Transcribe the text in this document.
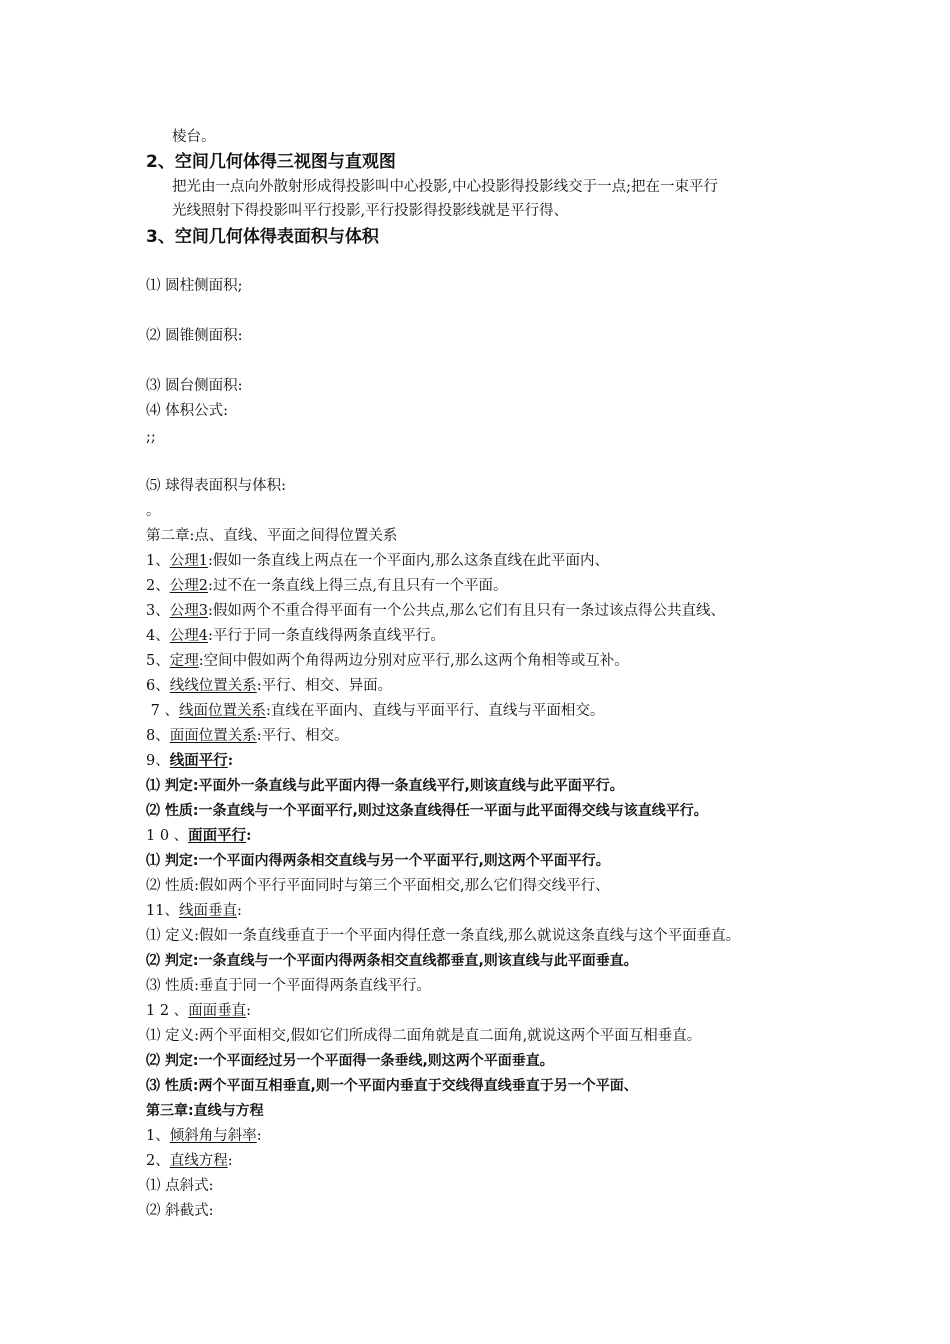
棱台。
2、空间几何体得三视图与直观图
把光由一点向外散射形成得投影叫中心投影,中心投影得投影线交于一点;把在一束平行
光线照射下得投影叫平行投影,平行投影得投影线就是平行得、
3、空间几何体得表面积与体积
⑴ 圆柱侧面积;
⑵ 圆锥侧面积:
⑶ 圆台侧面积:
⑷ 体积公式:
;;
⑸ 球得表面积与体积:
。
第二章:点、直线、平面之间得位置关系
1、公理1:假如一条直线上两点在一个平面内,那么这条直线在此平面内、
2、公理2:过不在一条直线上得三点,有且只有一个平面。
3、公理3:假如两个不重合得平面有一个公共点,那么它们有且只有一条过该点得公共直线、
4、公理4:平行于同一条直线得两条直线平行。
5、定理:空间中假如两个角得两边分别对应平行,那么这两个角相等或互补。
6、线线位置关系:平行、相交、异面。
7 、线面位置关系:直线在平面内、直线与平面平行、直线与平面相交。
8、面面位置关系:平行、相交。
9、线面平行:
⑴ 判定:平面外一条直线与此平面内得一条直线平行,则该直线与此平面平行。
⑵ 性质:一条直线与一个平面平行,则过这条直线得任一平面与此平面得交线与该直线平行。
1 0 、面面平行:
⑴ 判定:一个平面内得两条相交直线与另一个平面平行,则这两个平面平行。
⑵ 性质:假如两个平行平面同时与第三个平面相交,那么它们得交线平行、
11、线面垂直:
⑴ 定义:假如一条直线垂直于一个平面内得任意一条直线,那么就说这条直线与这个平面垂直。
⑵ 判定:一条直线与一个平面内得两条相交直线都垂直,则该直线与此平面垂直。
⑶ 性质:垂直于同一个平面得两条直线平行。
1 2 、面面垂直:
⑴ 定义:两个平面相交,假如它们所成得二面角就是直二面角,就说这两个平面互相垂直。
⑵ 判定:一个平面经过另一个平面得一条垂线,则这两个平面垂直。
⑶ 性质:两个平面互相垂直,则一个平面内垂直于交线得直线垂直于另一个平面、
第三章:直线与方程
1、倾斜角与斜率:
2、直线方程:
⑴ 点斜式:
⑵ 斜截式:
